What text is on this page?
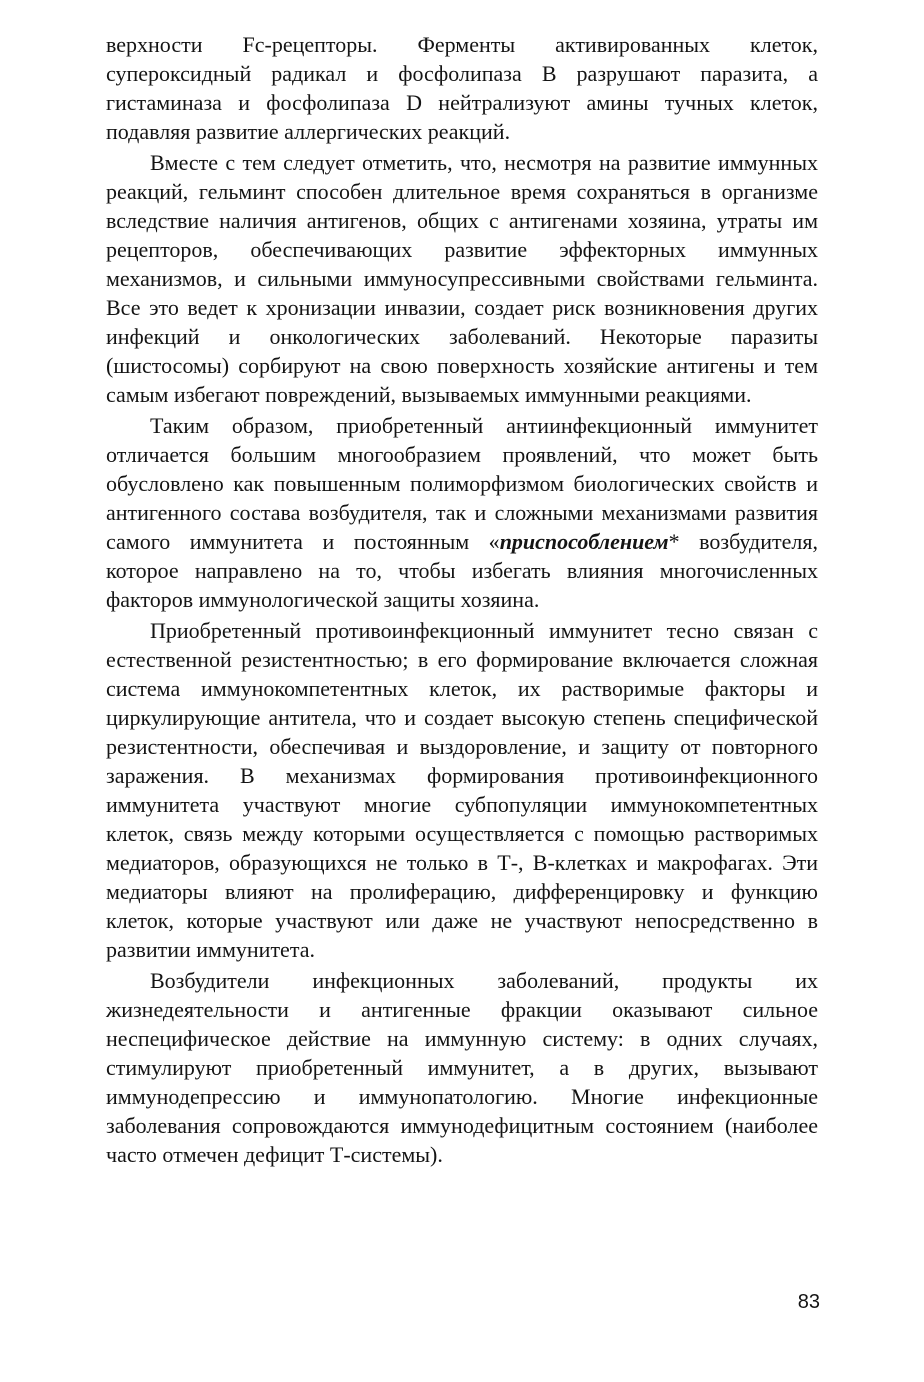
верхности Fc-рецепторы. Ферменты активированных клеток, супероксидный радикал и фосфолипаза В разрушают паразита, а гистаминаза и фосфолипаза D нейтрализуют амины тучных клеток, подавляя развитие аллергических реакций.

Вместе с тем следует отметить, что, несмотря на развитие иммунных реакций, гельминт способен длительное время сохраняться в организме вследствие наличия антигенов, общих с антигенами хозяина, утраты им рецепторов, обеспечивающих развитие эффекторных иммунных механизмов, и сильными иммуносупрессивными свойствами гельминта. Все это ведет к хронизации инвазии, создает риск возникновения других инфекций и онкологических заболеваний. Некоторые паразиты (шистосомы) сорбируют на свою поверхность хозяйские антигены и тем самым избегают повреждений, вызываемых иммунными реакциями.

Таким образом, приобретенный антиинфекционный иммунитет отличается большим многообразием проявлений, что может быть обусловлено как повышенным полиморфизмом биологических свойств и антигенного состава возбудителя, так и сложными механизмами развития самого иммунитета и постоянным «приспособлением* возбудителя, которое направлено на то, чтобы избегать влияния многочисленных факторов иммунологической защиты хозяина.

Приобретенный противоинфекционный иммунитет тесно связан с естественной резистентностью; в его формирование включается сложная система иммунокомпетентных клеток, их растворимые факторы и циркулирующие антитела, что и создает высокую степень специфической резистентности, обеспечивая и выздоровление, и защиту от повторного заражения. В механизмах формирования противоинфекционного иммунитета участвуют многие субпопуляции иммунокомпетентных клеток, связь между которыми осуществляется с помощью растворимых медиаторов, образующихся не только в Т-, В-клетках и макрофагах. Эти медиаторы влияют на пролиферацию, дифференцировку и функцию клеток, которые участвуют или даже не участвуют непосредственно в развитии иммунитета.

Возбудители инфекционных заболеваний, продукты их жизнедеятельности и антигенные фракции оказывают сильное неспецифическое действие на иммунную систему: в одних случаях, стимулируют приобретенный иммунитет, а в других, вызывают иммунодепрессию и иммунопатологию. Многие инфекционные заболевания сопровождаются иммунодефицитным состоянием (наиболее часто отмечен дефицит Т-системы).

83
